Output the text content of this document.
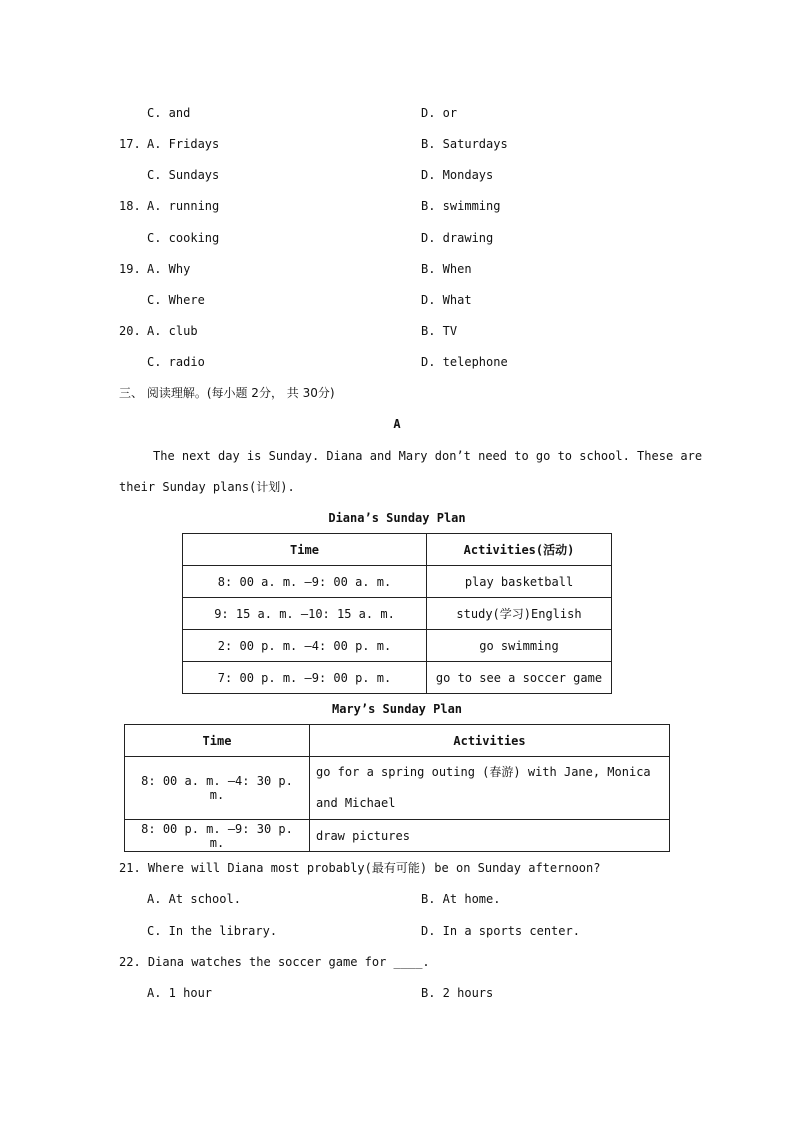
C. and	D. or
17. A. Fridays	B. Saturdays
C. Sundays	D. Mondays
18. A. running	B. swimming
C. cooking	D. drawing
19. A. Why	B. When
C. Where	D. What
20. A. club	B. TV
C. radio	D. telephone
三、 阅读理解。(每小题 2分， 共 30分)
A
The next day is Sunday. Diana and Mary don’t need to go to school. These are
their Sunday plans(计划).
Diana’s Sunday Plan
Time	Activities(活动)
8: 00 a. m. —9: 00 a. m.	play basketball
9: 15 a. m. —10: 15 a. m.	study(学习)English
2: 00 p. m. —4: 00 p. m.	go swimming
7: 00 p. m. —9: 00 p. m.	go to see a soccer game
Mary’s Sunday Plan
Time	Activities
8: 00 a. m. —4: 30 p. m.	go for a spring outing (春游) with Jane, Monica and Michael
8: 00 p. m. —9: 30 p. m.	draw pictures
21. Where will Diana most probably(最有可能) be on Sunday afternoon?
A. At school.	B. At home.
C. In the library.	D. In a sports center.
22. Diana watches the soccer game for ____.
A. 1 hour	B. 2 hours
